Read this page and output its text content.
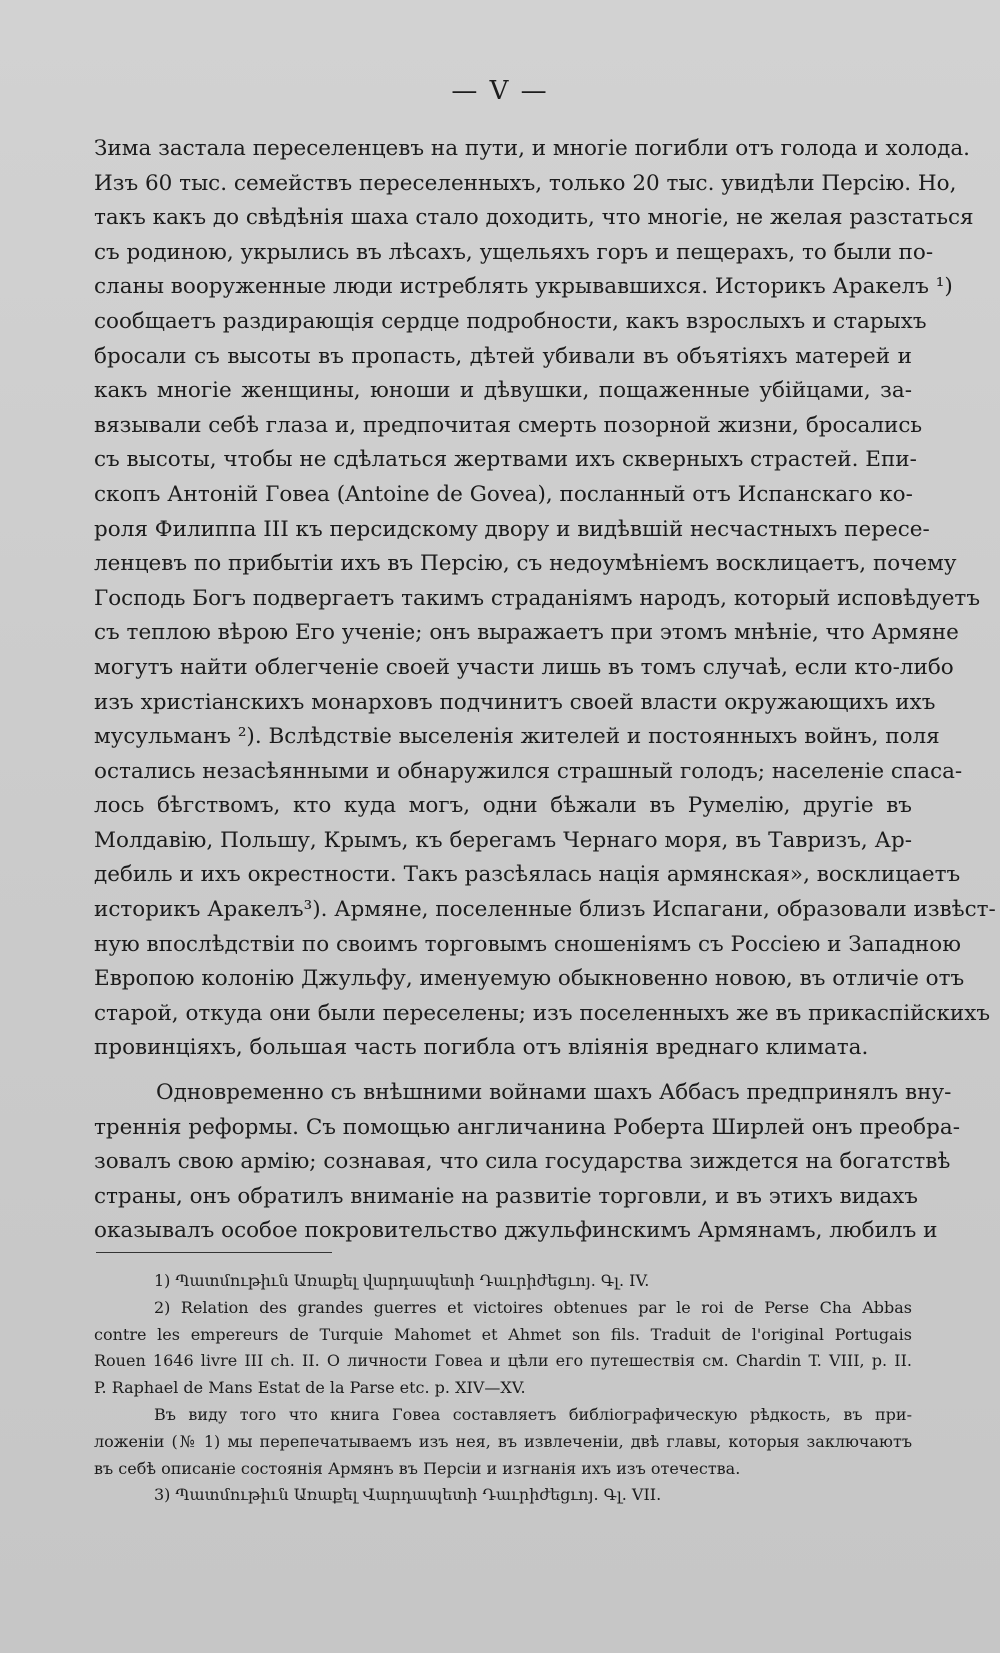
— V —
Зима застала переселенцевъ на пути, и многіе погибли отъ голода и холода.
Изъ 60 тыс. семействъ переселенныхъ, только 20 тыс. увидѣли Персію. Но,
такъ какъ до свѣдѣнія шаха стало доходить, что многіе, не желая разстаться
съ родиною, укрылись въ лѣсахъ, ущельяхъ горъ и пещерахъ, то были по-
сланы вооруженные люди истреблять укрывавшихся. Историкъ Аракелъ ¹)
сообщаетъ раздирающія сердце подробности, какъ взрослыхъ и старыхъ
бросали съ высоты въ пропасть, дѣтей убивали въ объятіяхъ матерей и
какъ многіе женщины, юноши и дѣвушки, пощаженные убійцами, за-
вязывали себѣ глаза и, предпочитая смерть позорной жизни, бросались
съ высоты, чтобы не сдѣлаться жертвами ихъ скверныхъ страстей. Епи-
скопъ Антоній Говеа (Antoine de Govea), посланный отъ Испанскаго ко-
роля Филиппа III къ персидскому двору и видѣвшій несчастныхъ пересе-
ленцевъ по прибытіи ихъ въ Персію, съ недоумѣніемъ восклицаетъ, почему
Господь Богъ подвергаетъ такимъ страданіямъ народъ, который исповѣдуетъ
съ теплою вѣрою Его ученіе; онъ выражаетъ при этомъ мнѣніе, что Армяне
могутъ найти облегченіе своей участи лишь въ томъ случаѣ, если кто-либо
изъ христіанскихъ монарховъ подчинитъ своей власти окружающихъ ихъ
мусульманъ ²). Вслѣдствіе выселенія жителей и постоянныхъ войнъ, поля
остались незасѣянными и обнаружился страшный голодъ; населеніе спаса-
лось бѣгствомъ, кто куда могъ, одни бѣжали въ Румелію, другіе въ
Молдавію, Польшу, Крымъ, къ берегамъ Чернаго моря, въ Тавризъ, Ар-
дебиль и ихъ окрестности. Такъ разсѣялась нація армянская», восклицаетъ
историкъ Аракелъ³). Армяне, поселенные близъ Испагани, образовали извѣст-
ную впослѣдствіи по своимъ торговымъ сношеніямъ съ Россіею и Западною
Европою колонію Джульфу, именуемую обыкновенно новою, въ отличіе отъ
старой, откуда они были переселены; изъ поселенныхъ же въ прикаспійскихъ
провинціяхъ, большая часть погибла отъ вліянія вреднаго климата.
Одновременно съ внѣшними войнами шахъ Аббасъ предпринялъ вну-
треннія реформы. Съ помощью англичанина Роберта Ширлей онъ преобра-
зовалъ свою армію; сознавая, что сила государства зиждется на богатствѣ
страны, онъ обратилъ вниманіе на развитіе торговли, и въ этихъ видахъ
оказывалъ особое покровительство джульфинскимъ Армянамъ, любилъ и
1) Պատմութիւն Առաքել վարդապետի Դաւրիժեցւոյ. Գլ. IV.
2) Relation des grandes guerres et victoires obtenues par le roi de Perse Cha Abbas
contre les empereurs de Turquie Mahomet et Ahmet son fils. Traduit de l'original Portugais
Rouen 1646 livre III ch. II. О личности Говеа и цѣли его путешествія см. Chardin T. VIII, p. II.
P. Raphael de Mans Estat de la Parse etc. p. XIV—XV.
Въ виду того что книга Говеа составляетъ библіографическую рѣдкость, въ при-
ложеніи (№ 1) мы перепечатываемъ изъ нея, въ извлеченіи, двѣ главы, которыя заключаютъ
въ себѣ описаніе состоянія Армянъ въ Персіи и изгнанія ихъ изъ отечества.
3) Պատմութիւն Առաքել Վարդապետի Դաւրիժեցւոյ. Գլ. VII.
